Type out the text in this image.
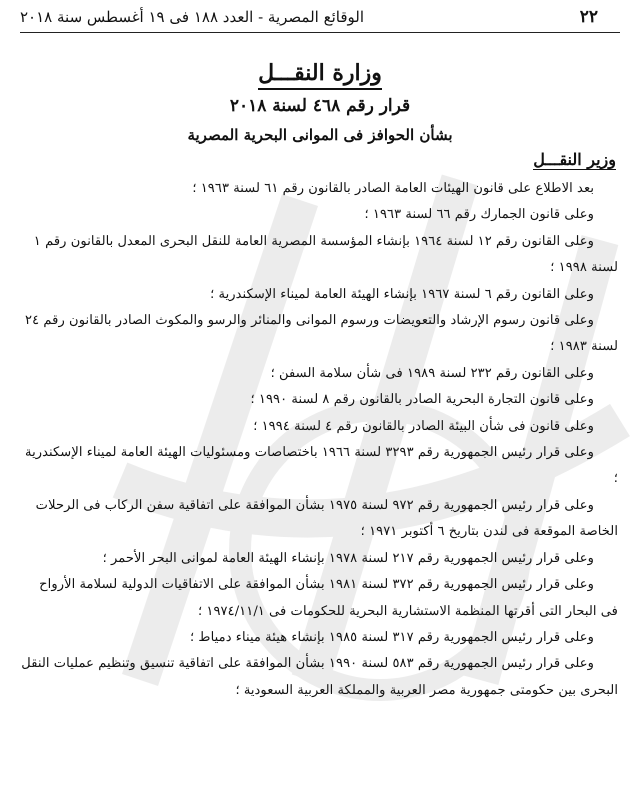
٢٢
الوقائع المصرية - العدد ١٨٨ فى ١٩ أغسطس سنة ٢٠١٨
وزارة النقـــل
قرار رقم ٤٦٨ لسنة ٢٠١٨
بشأن الحوافز فى الموانى البحرية المصرية
وزير النقـــل

بعد الاطلاع على قانون الهيئات العامة الصادر بالقانون رقم ٦١ لسنة ١٩٦٣ ؛

وعلى قانون الجمارك رقم ٦٦ لسنة ١٩٦٣ ؛

وعلى القانون رقم ١٢ لسنة ١٩٦٤ بإنشاء المؤسسة المصرية العامة للنقل البحرى المعدل بالقانون رقم ١ لسنة ١٩٩٨ ؛

وعلى القانون رقم ٦ لسنة ١٩٦٧ بإنشاء الهيئة العامة لميناء الإسكندرية ؛

وعلى قانون رسوم الإرشاد والتعويضات ورسوم الموانى والمنائر والرسو والمكوث الصادر بالقانون رقم ٢٤ لسنة ١٩٨٣ ؛

وعلى القانون رقم ٢٣٢ لسنة ١٩٨٩ فى شأن سلامة السفن ؛

وعلى قانون التجارة البحرية الصادر بالقانون رقم ٨ لسنة ١٩٩٠ ؛

وعلى قانون فى شأن البيئة الصادر بالقانون رقم ٤ لسنة ١٩٩٤ ؛

وعلى قرار رئيس الجمهورية رقم ٣٢٩٣ لسنة ١٩٦٦ باختصاصات ومسئوليات الهيئة العامة لميناء الإسكندرية ؛

وعلى قرار رئيس الجمهورية رقم ٩٧٢ لسنة ١٩٧٥ بشأن الموافقة على اتفاقية سفن الركاب فى الرحلات الخاصة الموقعة فى لندن بتاريخ ٦ أكتوبر ١٩٧١ ؛

وعلى قرار رئيس الجمهورية رقم ٢١٧ لسنة ١٩٧٨ بإنشاء الهيئة العامة لموانى البحر الأحمر ؛

وعلى قرار رئيس الجمهورية رقم ٣٧٢ لسنة ١٩٨١ بشأن الموافقة على الاتفاقيات الدولية لسلامة الأرواح فى البحار التى أقرتها المنظمة الاستشارية البحرية للحكومات فى ١٩٧٤/١١/١ ؛

وعلى قرار رئيس الجمهورية رقم ٣١٧ لسنة ١٩٨٥ بإنشاء هيئة ميناء دمياط ؛

وعلى قرار رئيس الجمهورية رقم ٥٨٣ لسنة ١٩٩٠ بشأن الموافقة على اتفاقية تنسيق وتنظيم عمليات النقل البحرى بين حكومتى جمهورية مصر العربية والمملكة العربية السعودية ؛
